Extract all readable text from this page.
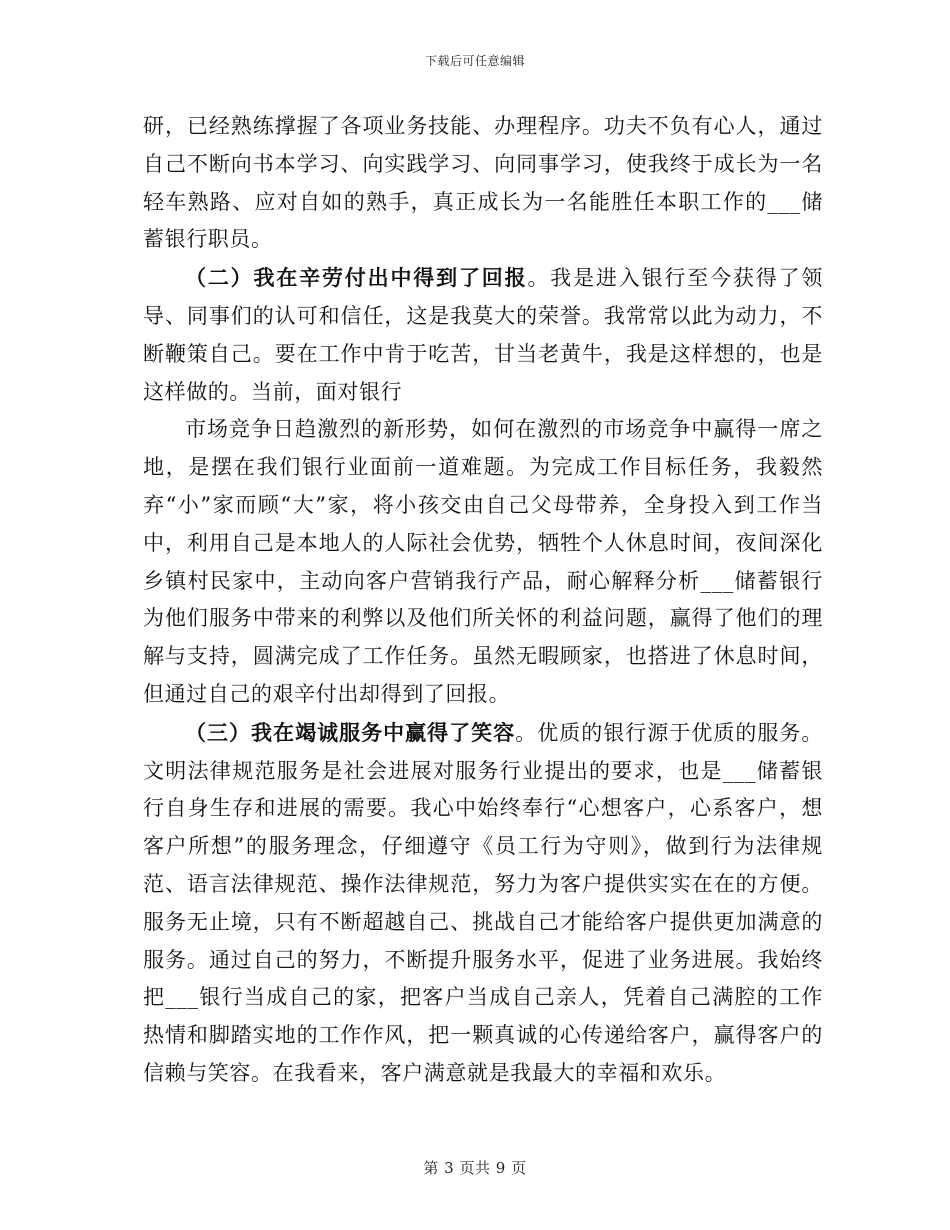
下载后可任意编辑

研，已经熟练撑握了各项业务技能、办理程序。功夫不负有心人，通过自己不断向书本学习、向实践学习、向同事学习，使我终于成长为一名轻车熟路、应对自如的熟手，真正成长为一名能胜任本职工作的___储蓄银行职员。

（二）我在辛劳付出中得到了回报。我是进入银行至今获得了领导、同事们的认可和信任，这是我莫大的荣誉。我常常以此为动力，不断鞭策自己。要在工作中肯于吃苦，甘当老黄牛，我是这样想的，也是这样做的。当前，面对银行

市场竞争日趋激烈的新形势，如何在激烈的市场竞争中赢得一席之地，是摆在我们银行业面前一道难题。为完成工作目标任务，我毅然弃“小”家而顾“大”家，将小孩交由自己父母带养，全身投入到工作当中，利用自己是本地人的人际社会优势，牺牲个人休息时间，夜间深化乡镇村民家中，主动向客户营销我行产品，耐心解释分析___储蓄银行为他们服务中带来的利弊以及他们所关怀的利益问题，赢得了他们的理解与支持，圆满完成了工作任务。虽然无暇顾家，也搭进了休息时间，但通过自己的艰辛付出却得到了回报。

（三）我在竭诚服务中赢得了笑容。优质的银行源于优质的服务。文明法律规范服务是社会进展对服务行业提出的要求，也是___储蓄银行自身生存和进展的需要。我心中始终奉行“心想客户，心系客户，想客户所想”的服务理念，仔细遵守《员工行为守则》，做到行为法律规范、语言法律规范、操作法律规范，努力为客户提供实实在在的方便。服务无止境，只有不断超越自己、挑战自己才能给客户提供更加满意的服务。通过自己的努力，不断提升服务水平，促进了业务进展。我始终把___银行当成自己的家，把客户当成自己亲人，凭着自己满腔的工作热情和脚踏实地的工作作风，把一颗真诚的心传递给客户，赢得客户的信赖与笑容。在我看来，客户满意就是我最大的幸福和欢乐。

第 3 页共 9 页
